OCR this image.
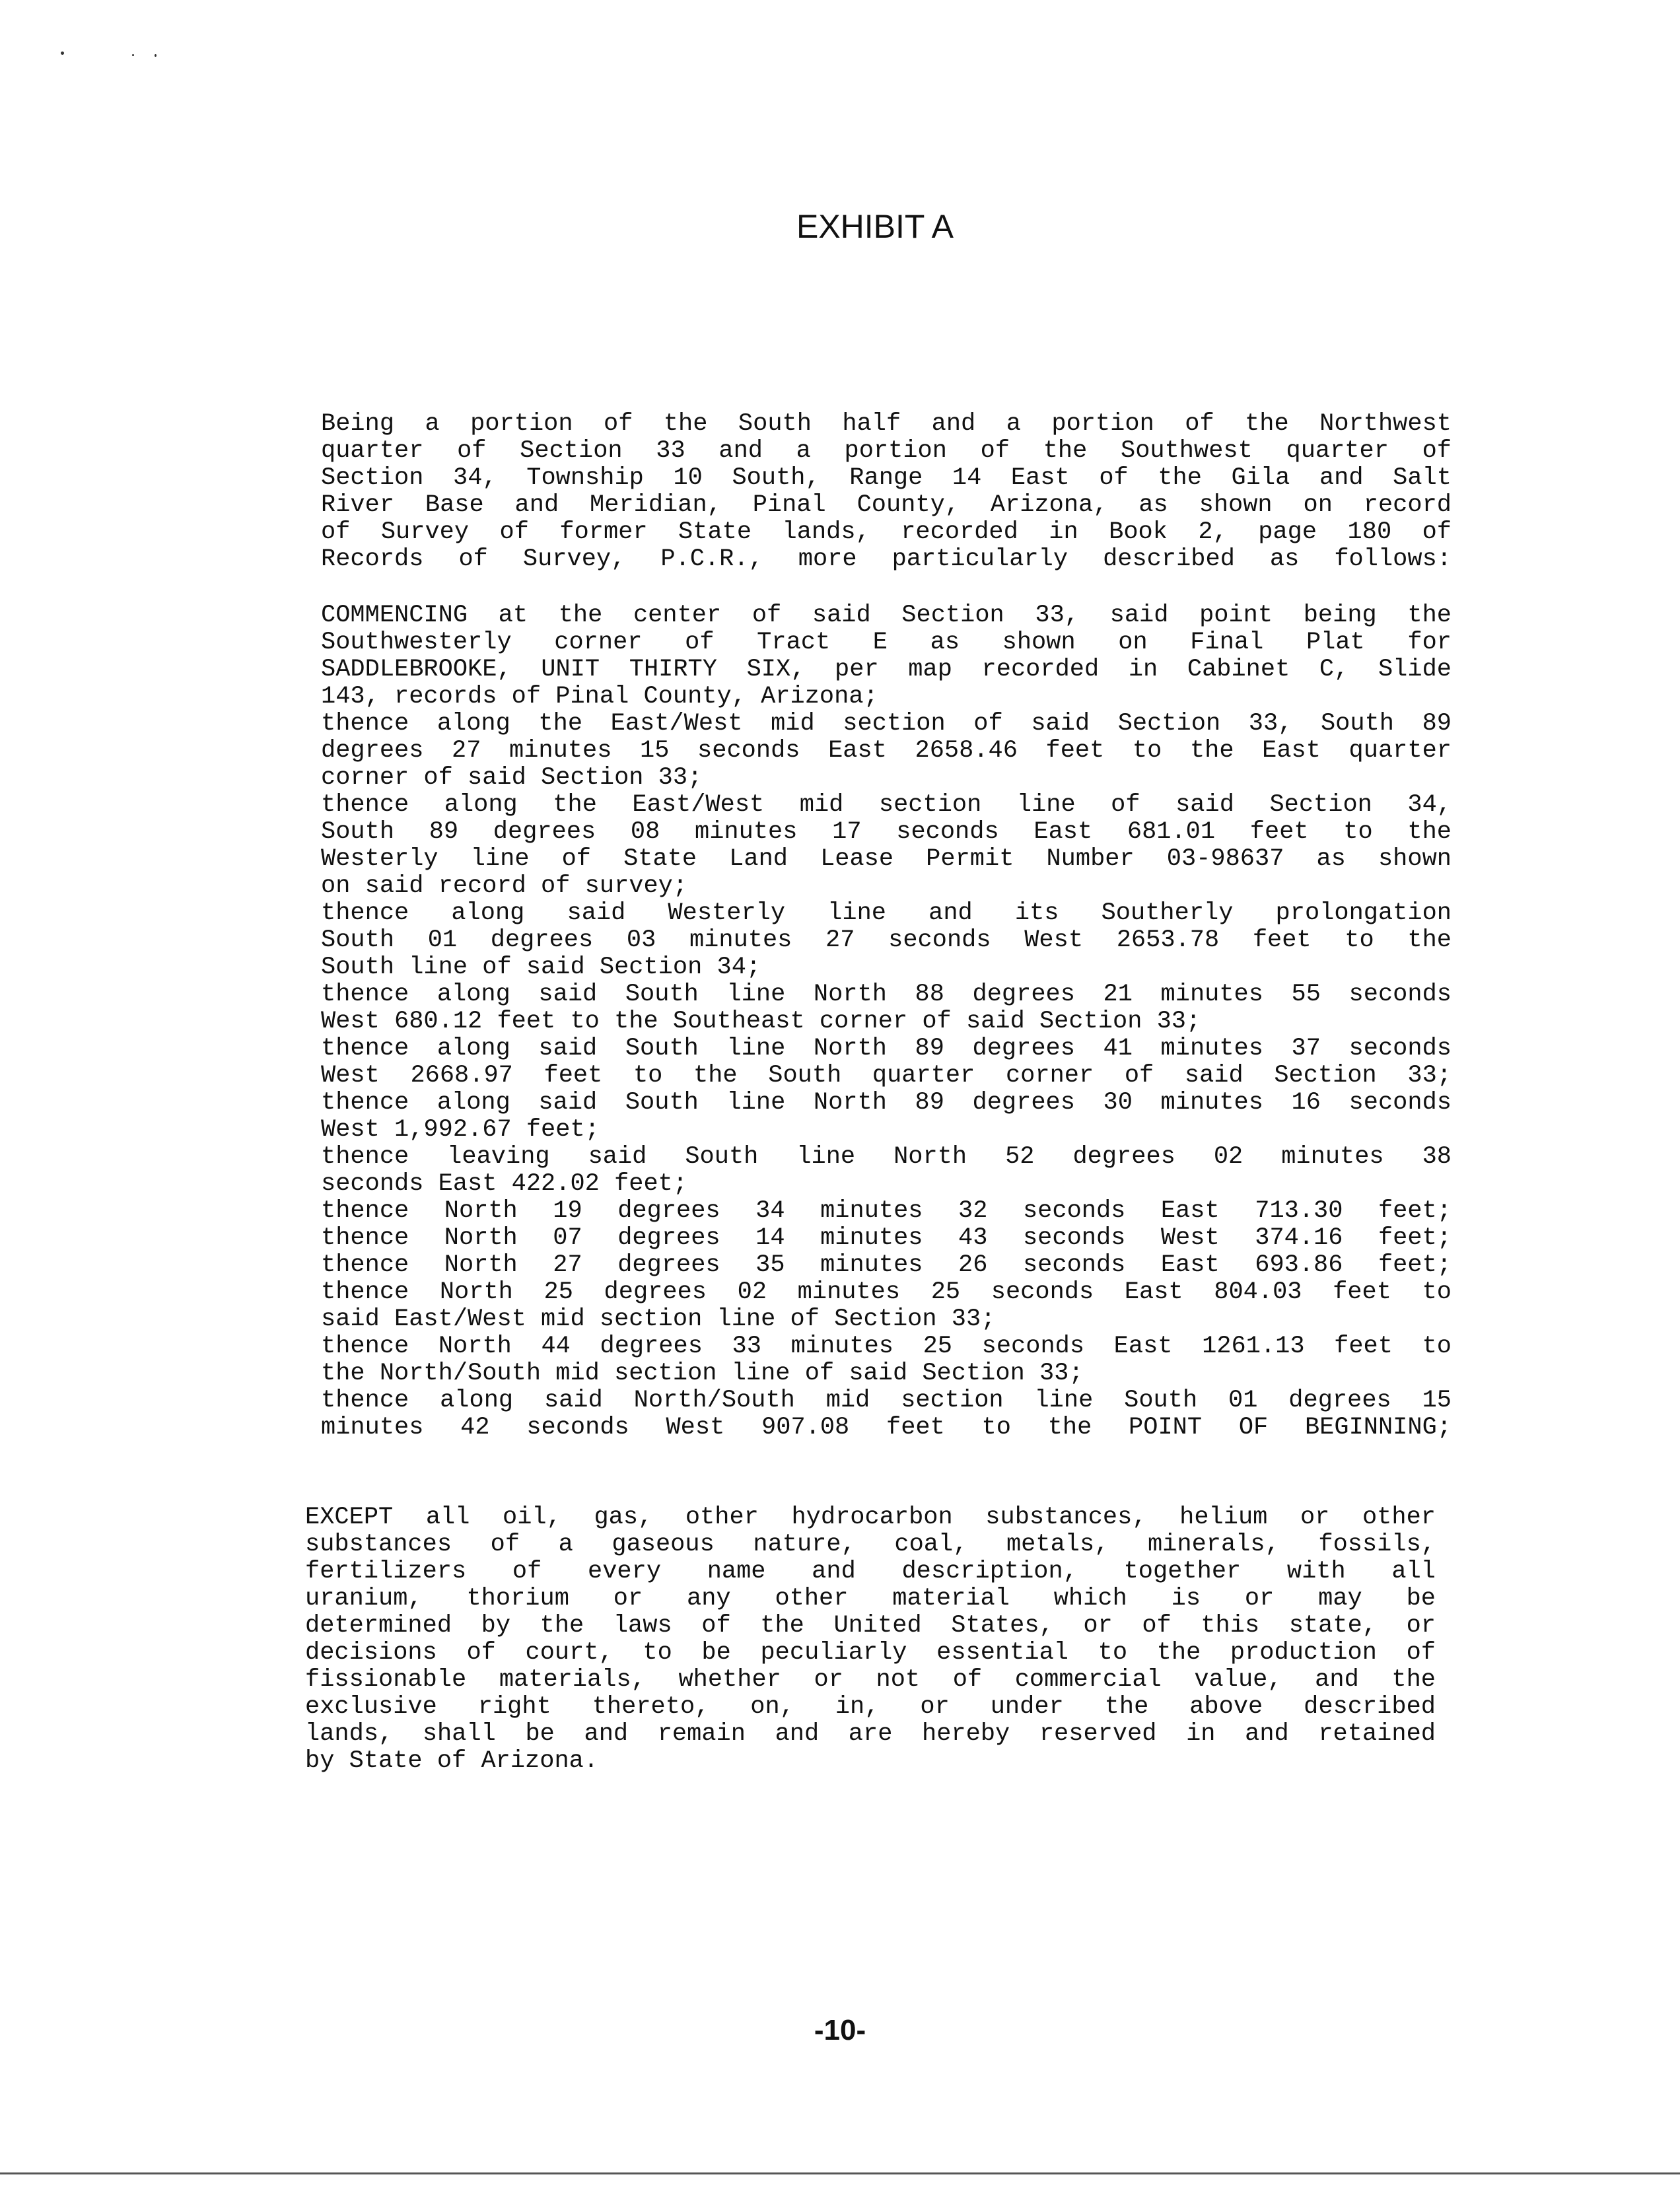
EXHIBIT A
Being a portion of the South half and a portion of the Northwest
quarter of Section 33 and a portion of the Southwest quarter of
Section 34, Township 10 South, Range 14 East of the Gila and Salt
River Base and Meridian, Pinal County, Arizona, as shown on record
of Survey of former State lands, recorded in Book 2, page 180 of
Records of Survey, P.C.R., more particularly described as follows:
COMMENCING at the center of said Section 33, said point being the
Southwesterly corner of Tract E as shown on Final Plat for
SADDLEBROOKE, UNIT THIRTY SIX, per map recorded in Cabinet C, Slide
143, records of Pinal County, Arizona;
thence along the East/West mid section of said Section 33, South 89
degrees 27 minutes 15 seconds East 2658.46 feet to the East quarter
corner of said Section 33;
thence along the East/West mid section line of said Section 34,
South 89 degrees 08 minutes 17 seconds East 681.01 feet to the
Westerly line of State Land Lease Permit Number 03-98637 as shown
on said record of survey;
thence along said Westerly line and its Southerly prolongation
South 01 degrees 03 minutes 27 seconds West 2653.78 feet to the
South line of said Section 34;
thence along said South line North 88 degrees 21 minutes 55 seconds
West 680.12 feet to the Southeast corner of said Section 33;
thence along said South line North 89 degrees 41 minutes 37 seconds
West 2668.97 feet to the South quarter corner of said Section 33;
thence along said South line North 89 degrees 30 minutes 16 seconds
West 1,992.67 feet;
thence leaving said South line North 52 degrees 02 minutes 38
seconds East 422.02 feet;
thence North 19 degrees 34 minutes 32 seconds East 713.30 feet;
thence North 07 degrees 14 minutes 43 seconds West 374.16 feet;
thence North 27 degrees 35 minutes 26 seconds East 693.86 feet;
thence North 25 degrees 02 minutes 25 seconds East 804.03 feet to
said East/West mid section line of Section 33;
thence North 44 degrees 33 minutes 25 seconds East 1261.13 feet to
the North/South mid section line of said Section 33;
thence along said North/South mid section line South 01 degrees 15
minutes 42 seconds West 907.08 feet to the POINT OF BEGINNING;
EXCEPT all oil, gas, other hydrocarbon substances, helium or other
substances of a gaseous nature, coal, metals, minerals, fossils,
fertilizers of every name and description, together with all
uranium, thorium or any other material which is or may be
determined by the laws of the United States, or of this state, or
decisions of court, to be peculiarly essential to the production of
fissionable materials, whether or not of commercial value, and the
exclusive right thereto, on, in, or under the above described
lands, shall be and remain and are hereby reserved in and retained
by State of Arizona.
-10-
